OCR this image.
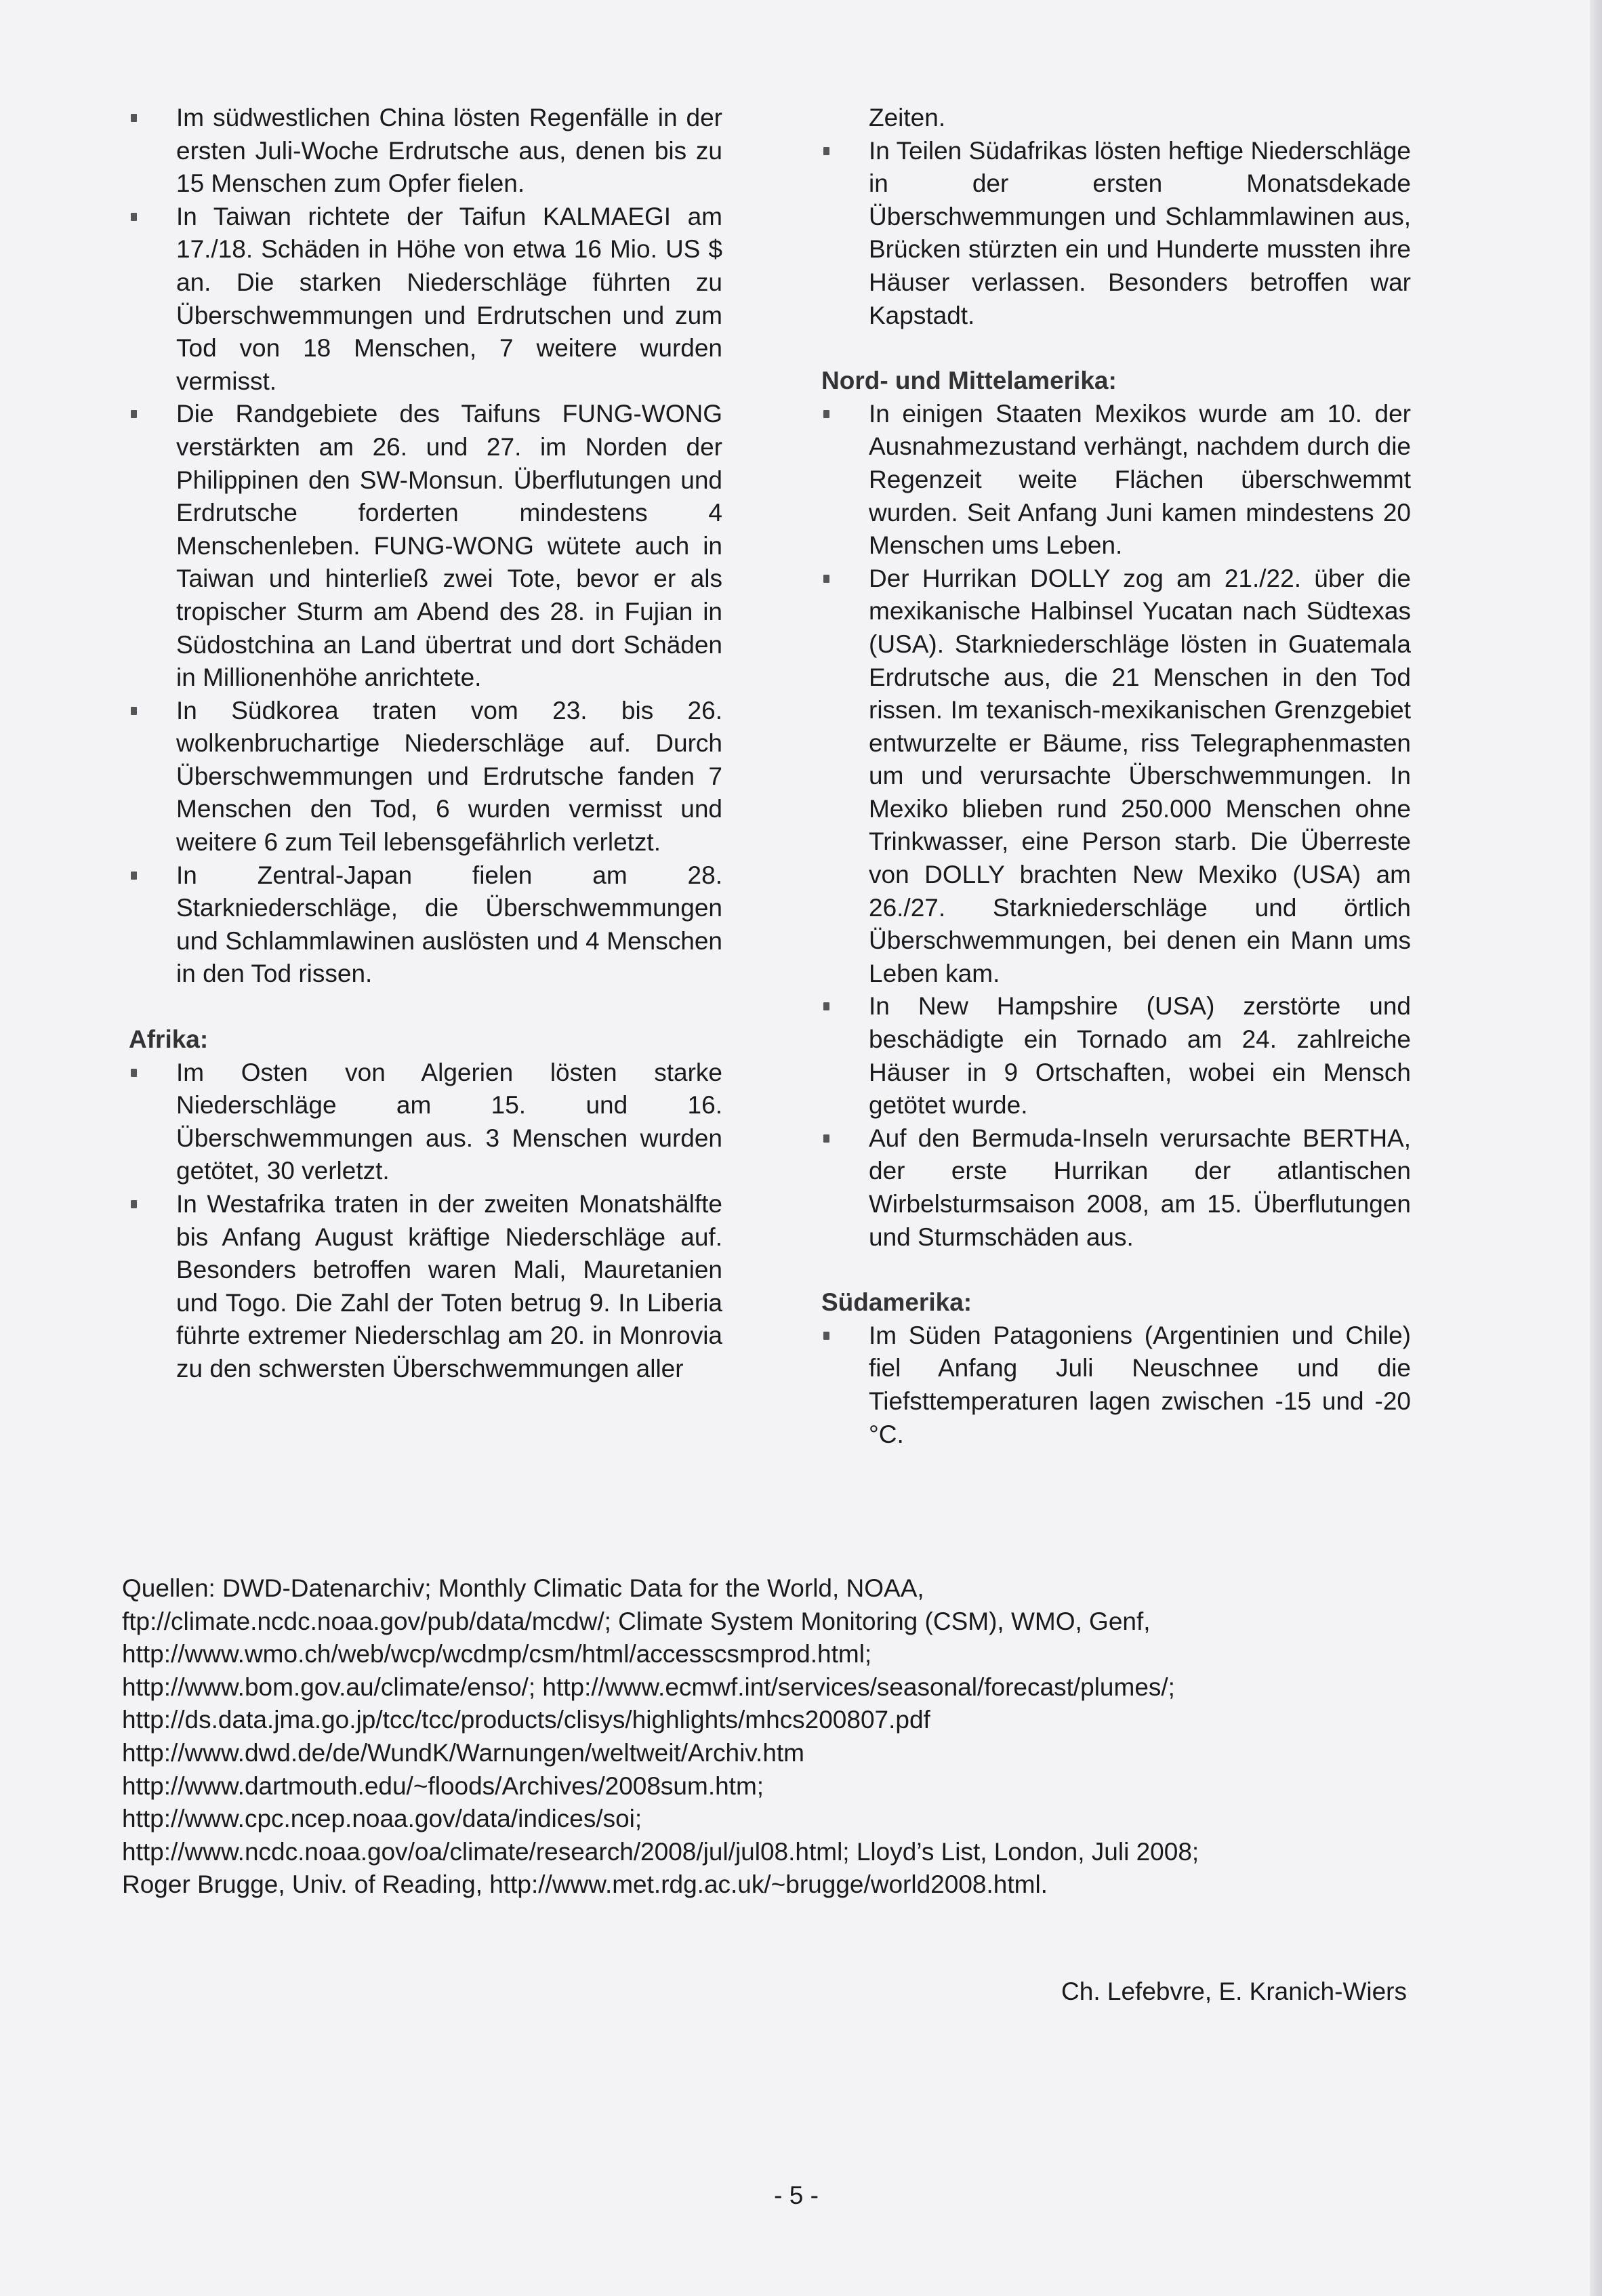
Im südwestlichen China lösten Regenfälle in der ersten Juli-Woche Erdrutsche aus, denen bis zu 15 Menschen zum Opfer fielen.
In Taiwan richtete der Taifun KALMAEGI am 17./18. Schäden in Höhe von etwa 16 Mio. US $ an. Die starken Niederschläge führten zu Überschwemmungen und Erdrutschen und zum Tod von 18 Menschen, 7 weitere wurden vermisst.
Die Randgebiete des Taifuns FUNG-WONG verstärkten am 26. und 27. im Norden der Philippinen den SW-Monsun. Überflutungen und Erdrutsche forderten mindestens 4 Menschenleben. FUNG-WONG wütete auch in Taiwan und hinterließ zwei Tote, bevor er als tropischer Sturm am Abend des 28. in Fujian in Südostchina an Land übertrat und dort Schäden in Millionenhöhe anrichtete.
In Südkorea traten vom 23. bis 26. wolkenbruchartige Niederschläge auf. Durch Überschwemmungen und Erdrutsche fanden 7 Menschen den Tod, 6 wurden vermisst und weitere 6 zum Teil lebensgefährlich verletzt.
In Zentral-Japan fielen am 28. Starkniederschläge, die Überschwemmungen und Schlammlawinen auslösten und 4 Menschen in den Tod rissen.
Afrika:
Im Osten von Algerien lösten starke Niederschläge am 15. und 16. Überschwemmungen aus. 3 Menschen wurden getötet, 30 verletzt.
In Westafrika traten in der zweiten Monatshälfte bis Anfang August kräftige Niederschläge auf. Besonders betroffen waren Mali, Mauretanien und Togo. Die Zahl der Toten betrug 9. In Liberia führte extremer Niederschlag am 20. in Monrovia zu den schwersten Überschwemmungen aller
Zeiten.
In Teilen Südafrikas lösten heftige Niederschläge in der ersten Monatsdekade Überschwemmungen und Schlammlawinen aus, Brücken stürzten ein und Hunderte mussten ihre Häuser verlassen. Besonders betroffen war Kapstadt.
Nord- und Mittelamerika:
In einigen Staaten Mexikos wurde am 10. der Ausnahmezustand verhängt, nachdem durch die Regenzeit weite Flächen überschwemmt wurden. Seit Anfang Juni kamen mindestens 20 Menschen ums Leben.
Der Hurrikan DOLLY zog am 21./22. über die mexikanische Halbinsel Yucatan nach Südtexas (USA). Starkniederschläge lösten in Guatemala Erdrutsche aus, die 21 Menschen in den Tod rissen. Im texanisch-mexikanischen Grenzgebiet entwurzelte er Bäume, riss Telegraphenmasten um und verursachte Überschwemmungen. In Mexiko blieben rund 250.000 Menschen ohne Trinkwasser, eine Person starb. Die Überreste von DOLLY brachten New Mexiko (USA) am 26./27. Starkniederschläge und örtlich Überschwemmungen, bei denen ein Mann ums Leben kam.
In New Hampshire (USA) zerstörte und beschädigte ein Tornado am 24. zahlreiche Häuser in 9 Ortschaften, wobei ein Mensch getötet wurde.
Auf den Bermuda-Inseln verursachte BERTHA, der erste Hurrikan der atlantischen Wirbelsturmsaison 2008, am 15. Überflutungen und Sturmschäden aus.
Südamerika:
Im Süden Patagoniens (Argentinien und Chile) fiel Anfang Juli Neuschnee und die Tiefsttemperaturen lagen zwischen -15 und -20 °C.
Quellen: DWD-Datenarchiv; Monthly Climatic Data for the World, NOAA,
ftp://climate.ncdc.noaa.gov/pub/data/mcdw/; Climate System Monitoring (CSM), WMO, Genf,
http://www.wmo.ch/web/wcp/wcdmp/csm/html/accesscsmprod.html;
http://www.bom.gov.au/climate/enso/; http://www.ecmwf.int/services/seasonal/forecast/plumes/;
http://ds.data.jma.go.jp/tcc/tcc/products/clisys/highlights/mhcs200807.pdf
http://www.dwd.de/de/WundK/Warnungen/weltweit/Archiv.htm
http://www.dartmouth.edu/~floods/Archives/2008sum.htm;
http://www.cpc.ncep.noaa.gov/data/indices/soi;
http://www.ncdc.noaa.gov/oa/climate/research/2008/jul/jul08.html; Lloyd’s List, London, Juli 2008;
Roger Brugge, Univ. of Reading, http://www.met.rdg.ac.uk/~brugge/world2008.html.
Ch. Lefebvre, E. Kranich-Wiers
- 5 -
